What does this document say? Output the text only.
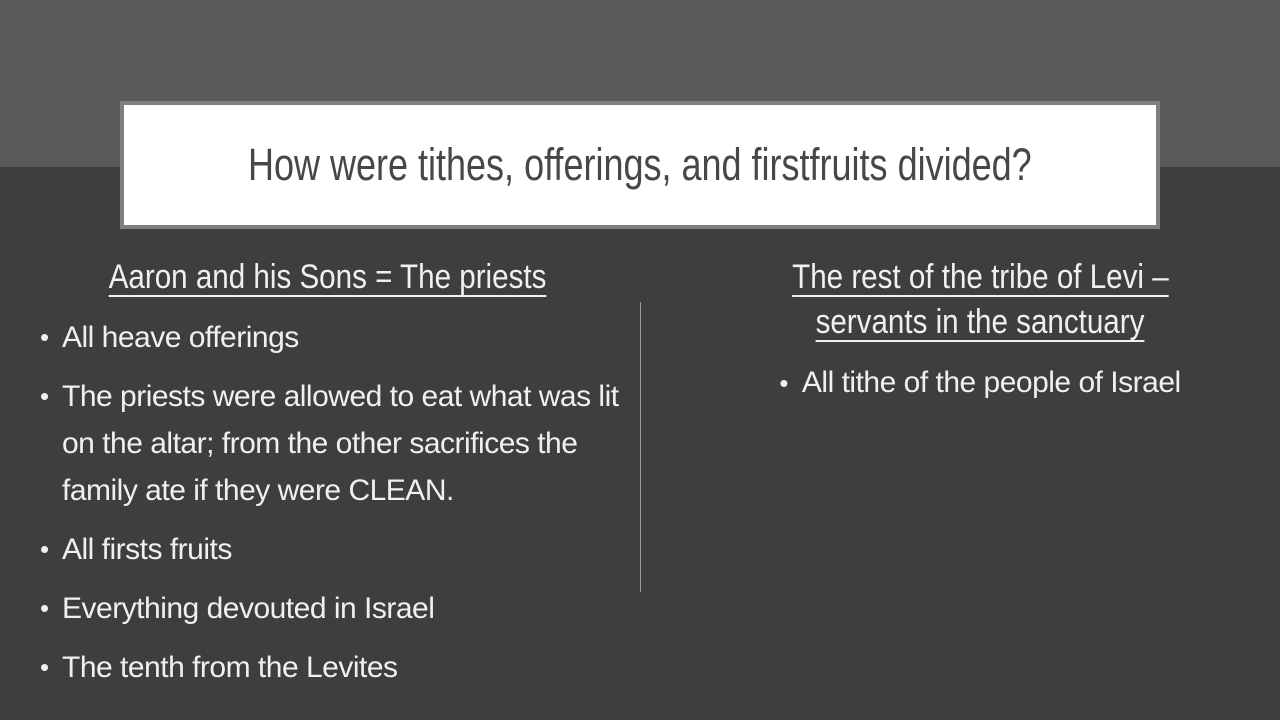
How were tithes, offerings, and firstfruits divided?
Aaron and his Sons = The priests
• All heave offerings
• The priests were allowed to eat what was lit on the altar; from the other sacrifices the family ate if they were CLEAN.
• All firsts fruits
• Everything devouted in Israel
• The tenth from the Levites
The rest of the tribe of Levi –
servants in the sanctuary
• All tithe of the people of Israel
